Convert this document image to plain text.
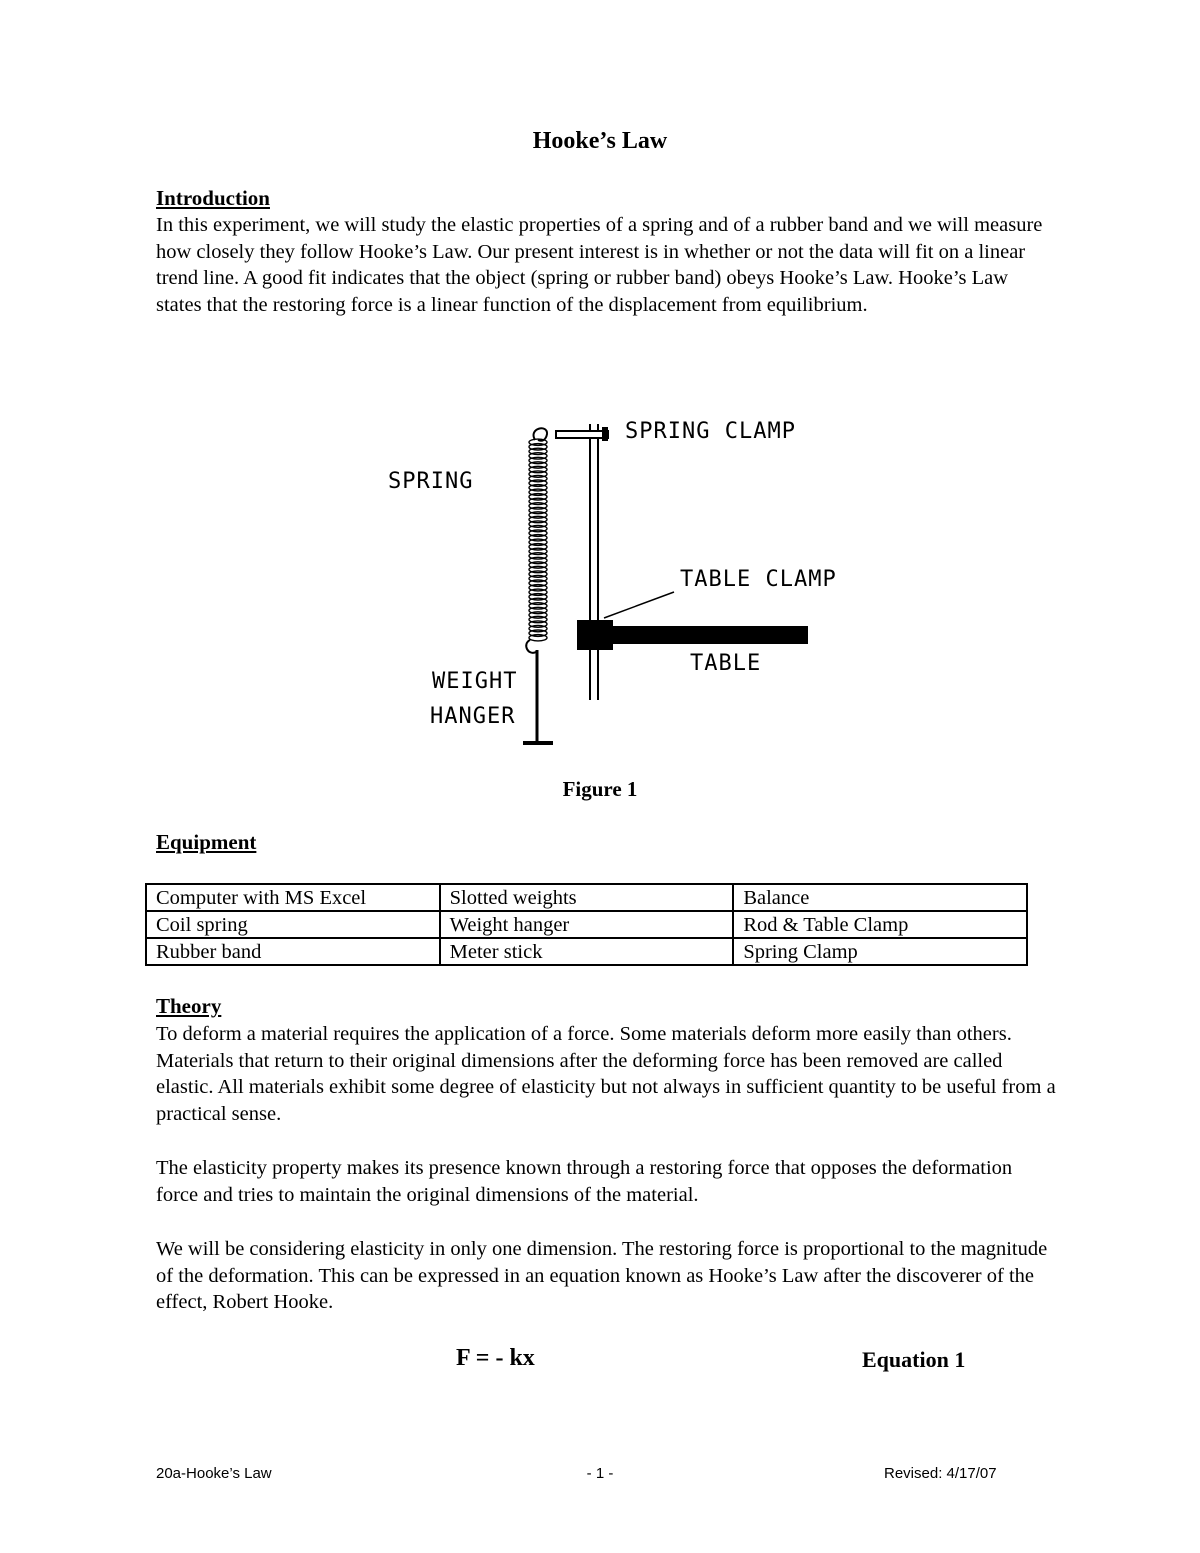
Hooke’s Law
Introduction
In this experiment, we will study the elastic properties of a spring and of a rubber band and we will measure how closely they follow Hooke’s Law. Our present interest is in whether or not the data will fit on a linear trend line. A good fit indicates that the object (spring or rubber band) obeys Hooke’s Law. Hooke’s Law states that the restoring force is a linear function of the displacement from equilibrium.
SPRING CLAMP
SPRING
TABLE CLAMP
TABLE
WEIGHT
HANGER
Figure 1
Equipment
Computer with MS Excel	Slotted weights	Balance
Coil spring	Weight hanger	Rod & Table Clamp
Rubber band	Meter stick	Spring Clamp
Theory
To deform a material requires the application of a force. Some materials deform more easily than others. Materials that return to their original dimensions after the deforming force has been removed are called elastic. All materials exhibit some degree of elasticity but not always in sufficient quantity to be useful from a practical sense.
The elasticity property makes its presence known through a restoring force that opposes the deformation force and tries to maintain the original dimensions of the material.
We will be considering elasticity in only one dimension. The restoring force is proportional to the magnitude of the deformation. This can be expressed in an equation known as Hooke’s Law after the discoverer of the effect, Robert Hooke.
F = - kx	Equation 1
20a-Hooke’s Law	- 1 -	Revised: 4/17/07
